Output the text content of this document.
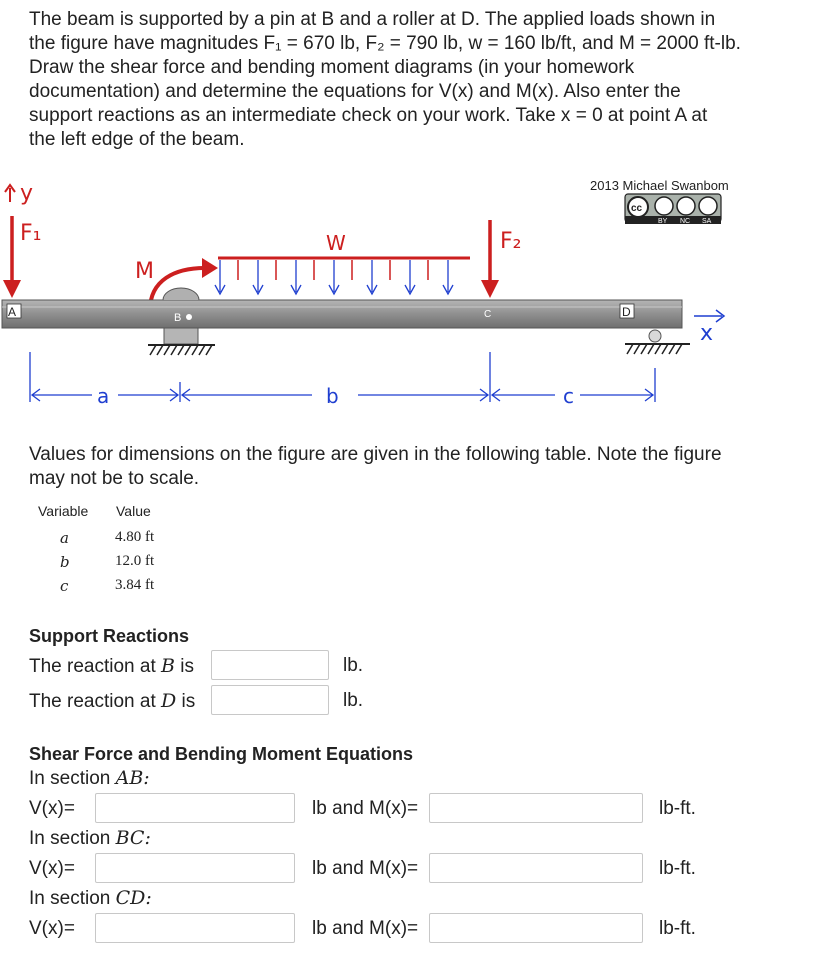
The beam is supported by a pin at B and a roller at D. The applied loads shown in
the figure have magnitudes F₁ = 670 lb, F₂ = 790 lb, w = 160 lb/ft, and M = 2000 ft-lb.
Draw the shear force and bending moment diagrams (in your homework
documentation) and determine the equations for V(x) and M(x). Also enter the
support reactions as an intermediate check on your work. Take x = 0 at point A at
the left edge of the beam.
2013 Michael Swanbom
cc
BY NC SA
y
F₁	W
M
F₂
A	B	C	D
x
a	b	c
Values for dimensions on the figure are given in the following table. Note the figure
may not be to scale.
Variable Value
a	4.80 ft
b	12.0 ft
c	3.84 ft
Support Reactions
The reaction at B is	lb.
The reaction at D is	lb.
Shear Force and Bending Moment Equations
In section AB:
V(x)=	lb and M(x)=	lb-ft.
In section BC:
V(x)=	lb and M(x)=	lb-ft.
In section CD:
V(x)=	lb and M(x)=	lb-ft.
